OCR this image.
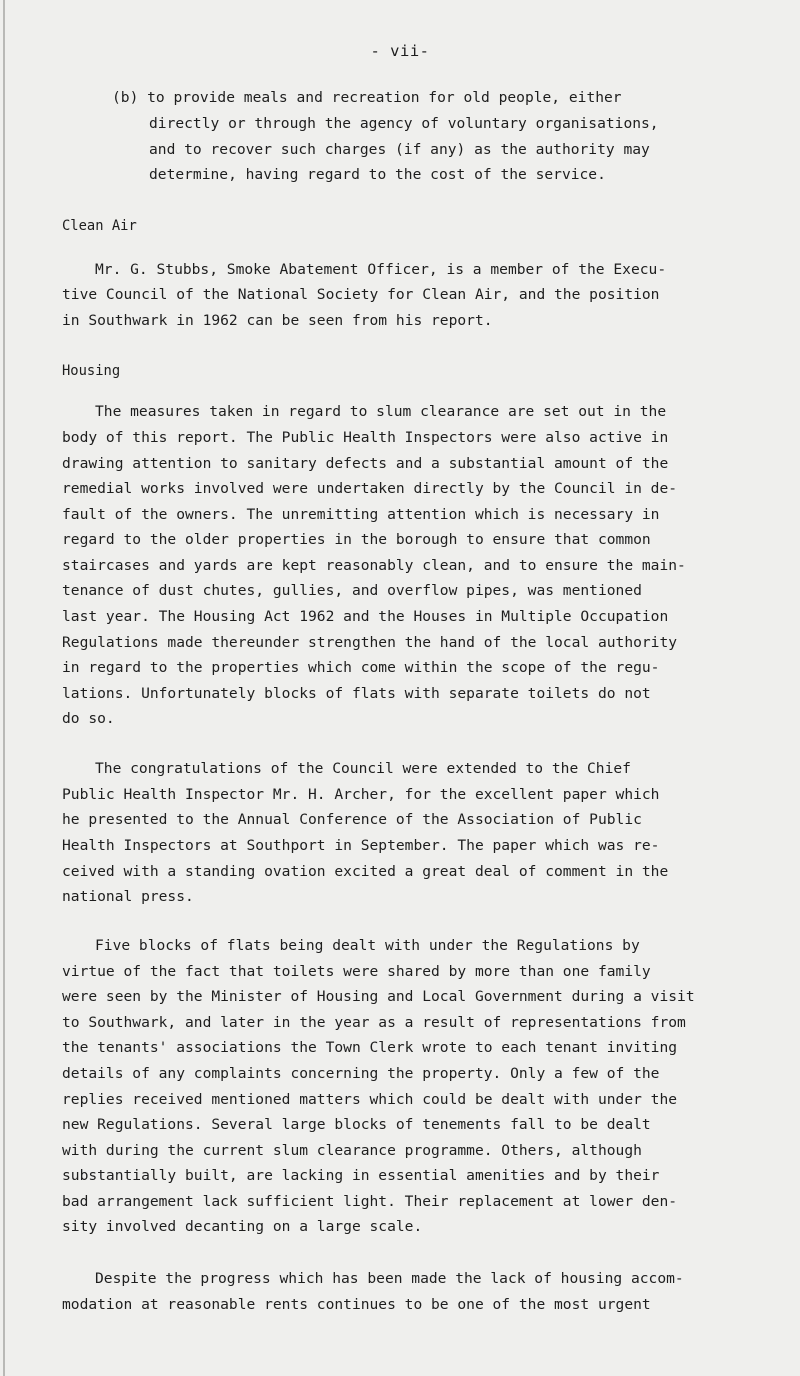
- vii-
(b) to provide meals and recreation for old people, either
directly or through the agency of voluntary organisations,
and to recover such charges (if any) as the authority may
determine, having regard to the cost of the service.
Clean Air
Mr. G. Stubbs, Smoke Abatement Officer, is a member of the Execu-
tive Council of the National Society for Clean Air, and the position
in Southwark in 1962 can be seen from his report.
Housing
The measures taken in regard to slum clearance are set out in the
body of this report. The Public Health Inspectors were also active in
drawing attention to sanitary defects and a substantial amount of the
remedial works involved were undertaken directly by the Council in de-
fault of the owners. The unremitting attention which is necessary in
regard to the older properties in the borough to ensure that common
staircases and yards are kept reasonably clean, and to ensure the main-
tenance of dust chutes, gullies, and overflow pipes, was mentioned
last year. The Housing Act 1962 and the Houses in Multiple Occupation
Regulations made thereunder strengthen the hand of the local authority
in regard to the properties which come within the scope of the regu-
lations. Unfortunately blocks of flats with separate toilets do not
do so.
The congratulations of the Council were extended to the Chief
Public Health Inspector Mr. H. Archer, for the excellent paper which
he presented to the Annual Conference of the Association of Public
Health Inspectors at Southport in September. The paper which was re-
ceived with a standing ovation excited a great deal of comment in the
national press.
Five blocks of flats being dealt with under the Regulations by
virtue of the fact that toilets were shared by more than one family
were seen by the Minister of Housing and Local Government during a visit
to Southwark, and later in the year as a result of representations from
the tenants' associations the Town Clerk wrote to each tenant inviting
details of any complaints concerning the property. Only a few of the
replies received mentioned matters which could be dealt with under the
new Regulations. Several large blocks of tenements fall to be dealt
with during the current slum clearance programme. Others, although
substantially built, are lacking in essential amenities and by their
bad arrangement lack sufficient light. Their replacement at lower den-
sity involved decanting on a large scale.
Despite the progress which has been made the lack of housing accom-
modation at reasonable rents continues to be one of the most urgent
